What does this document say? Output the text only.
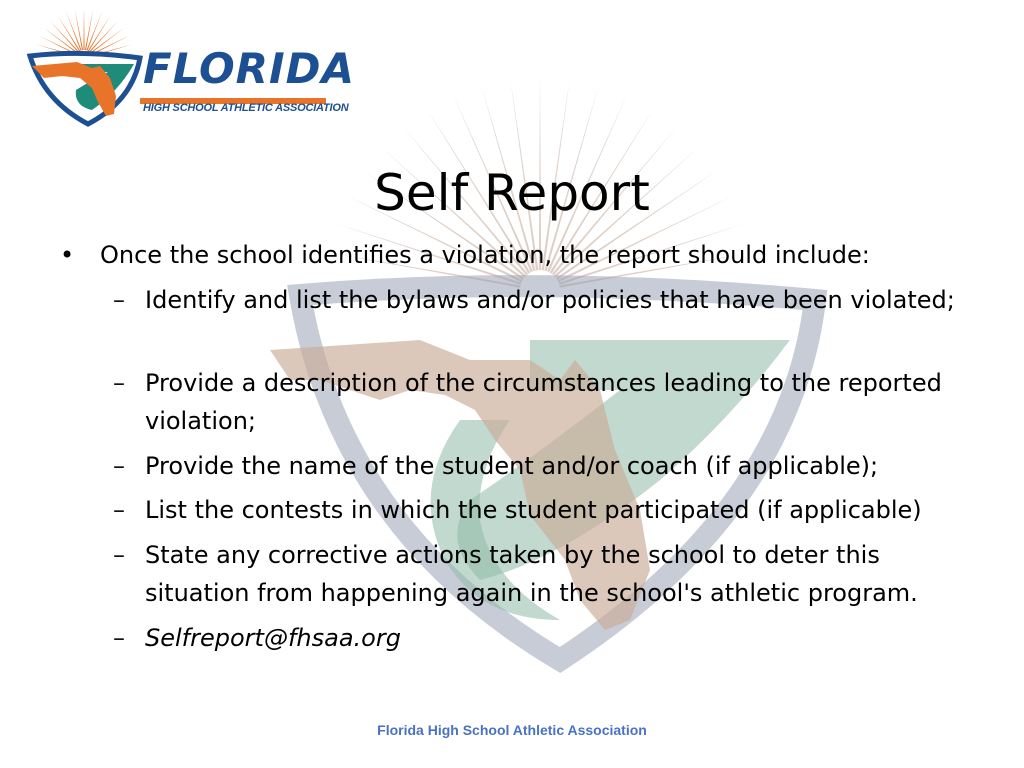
FLORIDA
HIGH SCHOOL ATHLETIC ASSOCIATION
Self Report
• Once the school identifies a violation, the report should include:
– Identify and list the bylaws and/or policies that have been violated;
– Provide a description of the circumstances leading to the reported violation;
– Provide the name of the student and/or coach (if applicable);
– List the contests in which the student participated (if applicable)
– State any corrective actions taken by the school to deter this situation from happening again in the school's athletic program.
– Selfreport@fhsaa.org
Florida High School Athletic Association
